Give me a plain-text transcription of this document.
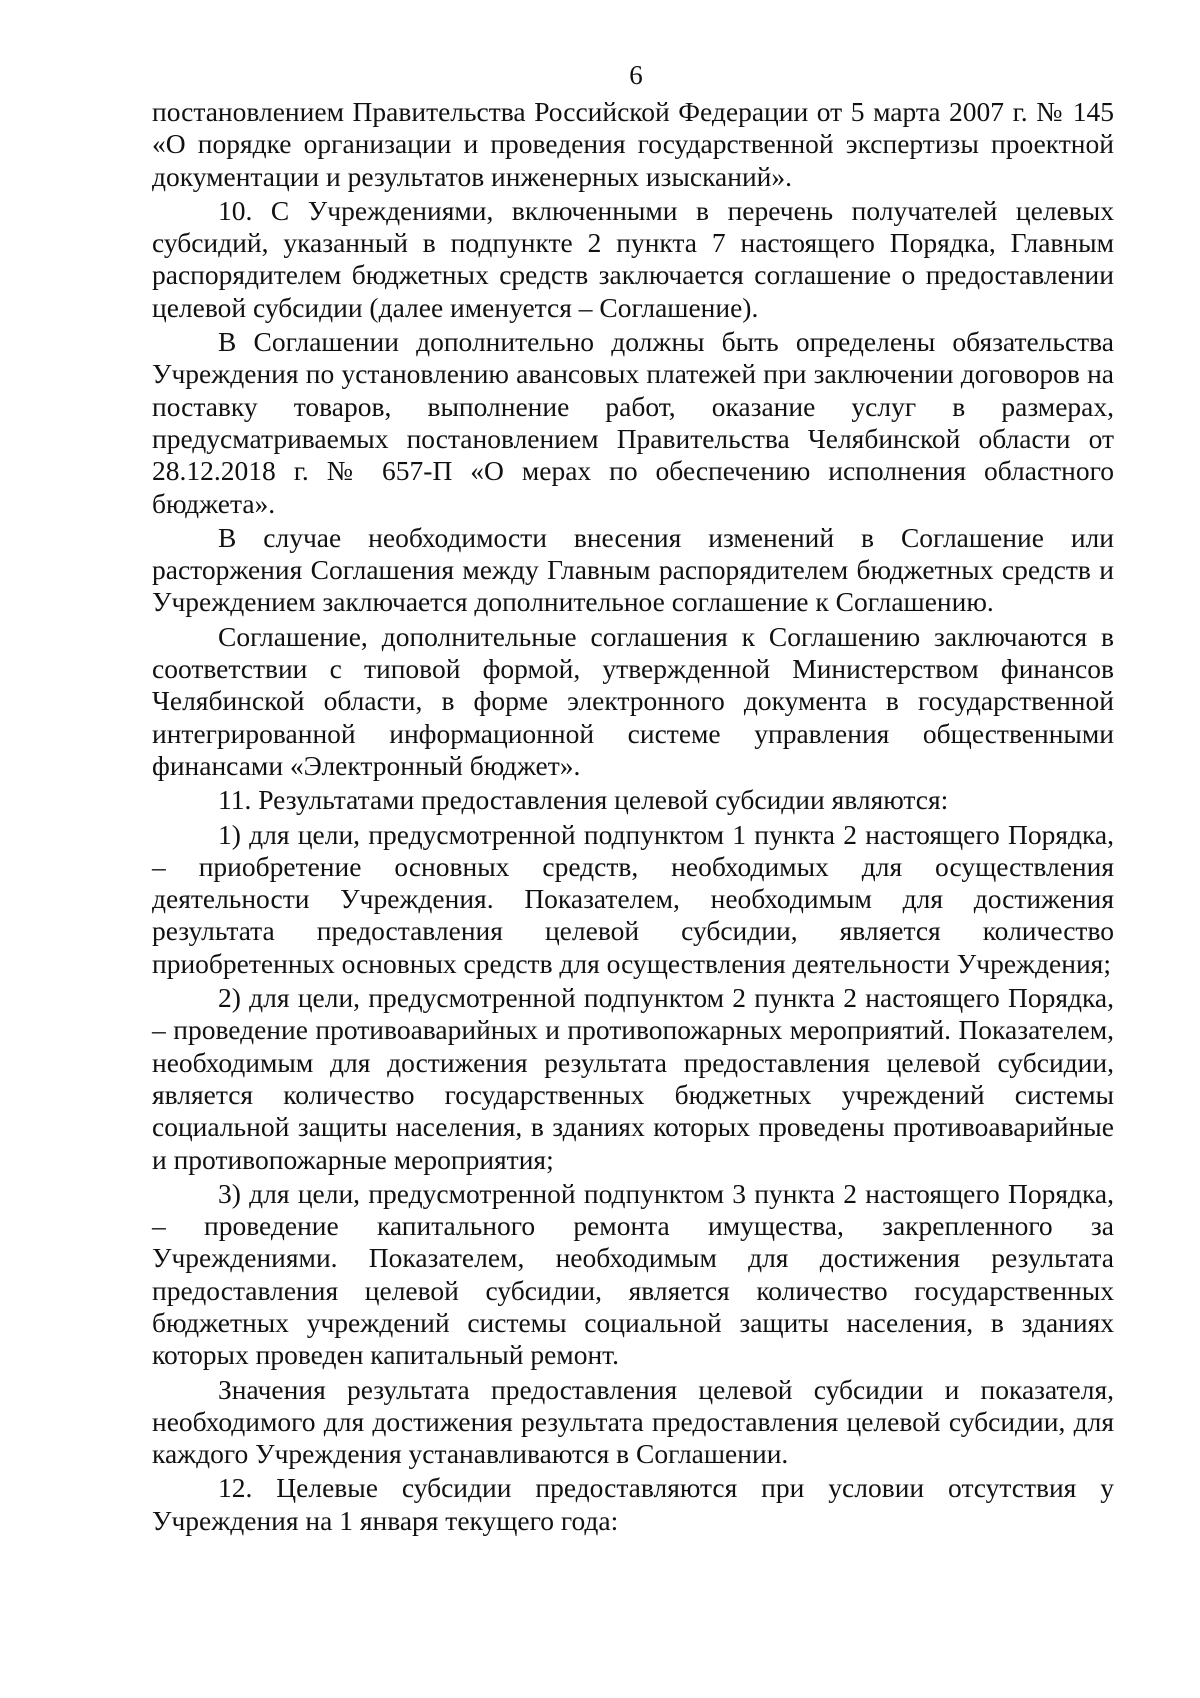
6

постановлением Правительства Российской Федерации от 5 марта 2007 г. № 145 «О порядке организации и проведения государственной экспертизы проектной документации и результатов инженерных изысканий».

10. С Учреждениями, включенными в перечень получателей целевых субсидий, указанный в подпункте 2 пункта 7 настоящего Порядка, Главным распорядителем бюджетных средств заключается соглашение о предоставлении целевой субсидии (далее именуется – Соглашение).

В Соглашении дополнительно должны быть определены обязательства Учреждения по установлению авансовых платежей при заключении договоров на поставку товаров, выполнение работ, оказание услуг в размерах, предусматриваемых постановлением Правительства Челябинской области от 28.12.2018 г. № 657-П «О мерах по обеспечению исполнения областного бюджета».

В случае необходимости внесения изменений в Соглашение или расторжения Соглашения между Главным распорядителем бюджетных средств и Учреждением заключается дополнительное соглашение к Соглашению.

Соглашение, дополнительные соглашения к Соглашению заключаются в соответствии с типовой формой, утвержденной Министерством финансов Челябинской области, в форме электронного документа в государственной интегрированной информационной системе управления общественными финансами «Электронный бюджет».

11. Результатами предоставления целевой субсидии являются:

1) для цели, предусмотренной подпунктом 1 пункта 2 настоящего Порядка, – приобретение основных средств, необходимых для осуществления деятельности Учреждения. Показателем, необходимым для достижения результата предоставления целевой субсидии, является количество приобретенных основных средств для осуществления деятельности Учреждения;

2) для цели, предусмотренной подпунктом 2 пункта 2 настоящего Порядка, – проведение противоаварийных и противопожарных мероприятий. Показателем, необходимым для достижения результата предоставления целевой субсидии, является количество государственных бюджетных учреждений системы социальной защиты населения, в зданиях которых проведены противоаварийные и противопожарные мероприятия;

3) для цели, предусмотренной подпунктом 3 пункта 2 настоящего Порядка, – проведение капитального ремонта имущества, закрепленного за Учреждениями. Показателем, необходимым для достижения результата предоставления целевой субсидии, является количество государственных бюджетных учреждений системы социальной защиты населения, в зданиях которых проведен капитальный ремонт.

Значения результата предоставления целевой субсидии и показателя, необходимого для достижения результата предоставления целевой субсидии, для каждого Учреждения устанавливаются в Соглашении.

12. Целевые субсидии предоставляются при условии отсутствия у Учреждения на 1 января текущего года:
